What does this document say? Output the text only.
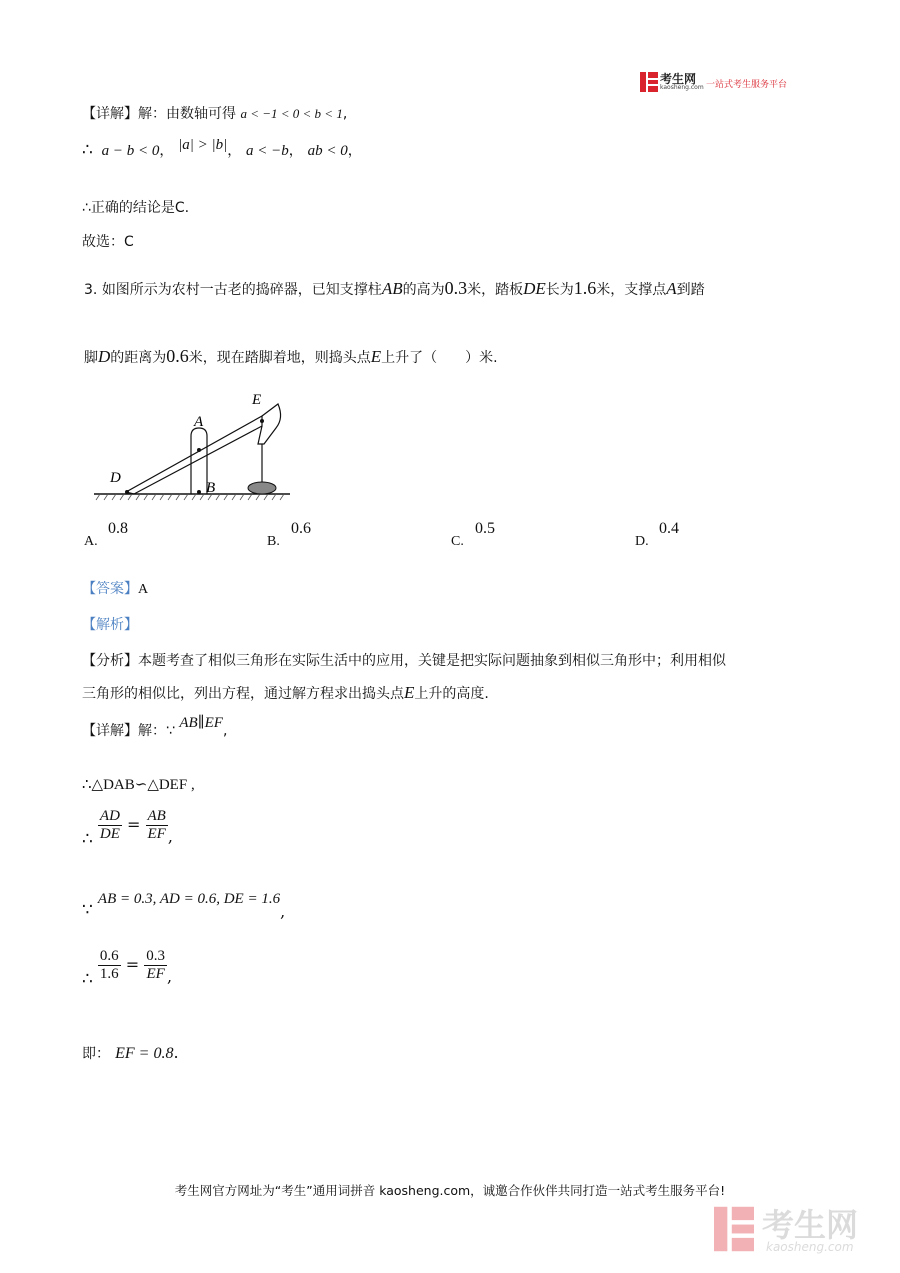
考生网
kaosheng.com 一站式考生服务平台
【详解】解：由数轴可得 a < −1 < 0 < b < 1,
∴ a − b < 0， |a| > |b|， a < −b， ab < 0，
∴正确的结论是C.
故选：C
3. 如图所示为农村一古老的捣碎器，已知支撑柱AB的高为0.3米，踏板DE长为1.6米，支撑点A到踏
脚D的距离为0.6米，现在踏脚着地，则捣头点E上升了（　　）米.
E
A
D
B
A.
0.8
B.
0.6
C.
0.5
D.
0.4
【答案】A
【解析】
【分析】本题考查了相似三角形在实际生活中的应用，关键是把实际问题抽象到相似三角形中；利用相似
三角形的相似比，列出方程，通过解方程求出捣头点E上升的高度.
【详解】解：∵ AB∥EF,
∴△DAB∽△DEF ,
∴ $\frac{AD}{DE} = \frac{AB}{EF}$ ,
∵ AB = 0.3, AD = 0.6, DE = 1.6,
∴ $\frac{0.6}{1.6} = \frac{0.3}{EF}$ ,
即： EF = 0.8.
考生网官方网址为“考生”通用词拼音 kaosheng.com，诚邀合作伙伴共同打造一站式考生服务平台!
考生网
kaosheng.com
